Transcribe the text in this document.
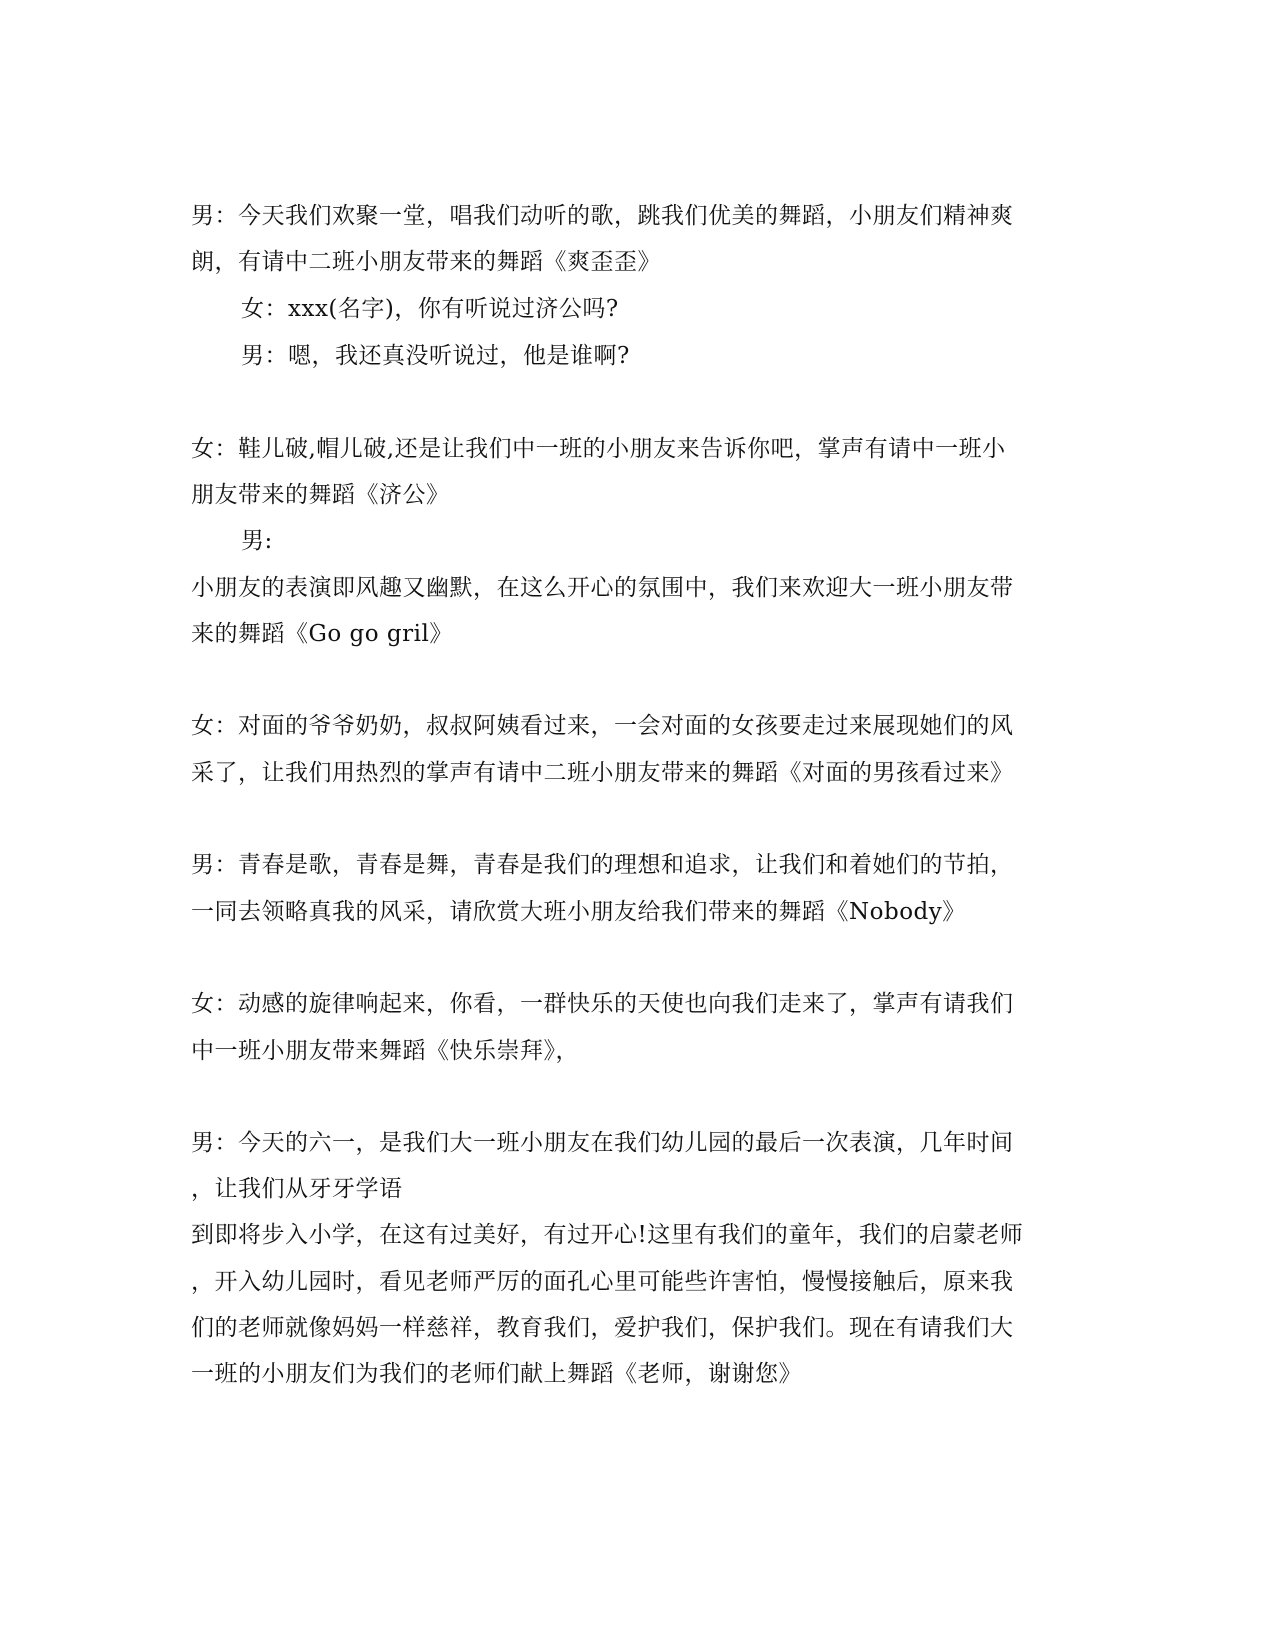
男：今天我们欢聚一堂，唱我们动听的歌，跳我们优美的舞蹈，小朋友们精神爽
朗，有请中二班小朋友带来的舞蹈《爽歪歪》
女：xxx(名字)，你有听说过济公吗?
男：嗯，我还真没听说过，他是谁啊?
女：鞋儿破,帽儿破,还是让我们中一班的小朋友来告诉你吧，掌声有请中一班小
朋友带来的舞蹈《济公》
男:
小朋友的表演即风趣又幽默，在这么开心的氛围中，我们来欢迎大一班小朋友带
来的舞蹈《Go go gril》
女：对面的爷爷奶奶，叔叔阿姨看过来，一会对面的女孩要走过来展现她们的风
采了，让我们用热烈的掌声有请中二班小朋友带来的舞蹈《对面的男孩看过来》
男：青春是歌，青春是舞，青春是我们的理想和追求，让我们和着她们的节拍，
一同去领略真我的风采，请欣赏大班小朋友给我们带来的舞蹈《Nobody》
女：动感的旋律响起来，你看，一群快乐的天使也向我们走来了，掌声有请我们
中一班小朋友带来舞蹈《快乐崇拜》，
男：今天的六一，是我们大一班小朋友在我们幼儿园的最后一次表演，几年时间
，让我们从牙牙学语
到即将步入小学，在这有过美好，有过开心!这里有我们的童年，我们的启蒙老师
，开入幼儿园时，看见老师严厉的面孔心里可能些许害怕，慢慢接触后，原来我
们的老师就像妈妈一样慈祥，教育我们，爱护我们，保护我们。现在有请我们大
一班的小朋友们为我们的老师们献上舞蹈《老师，谢谢您》
